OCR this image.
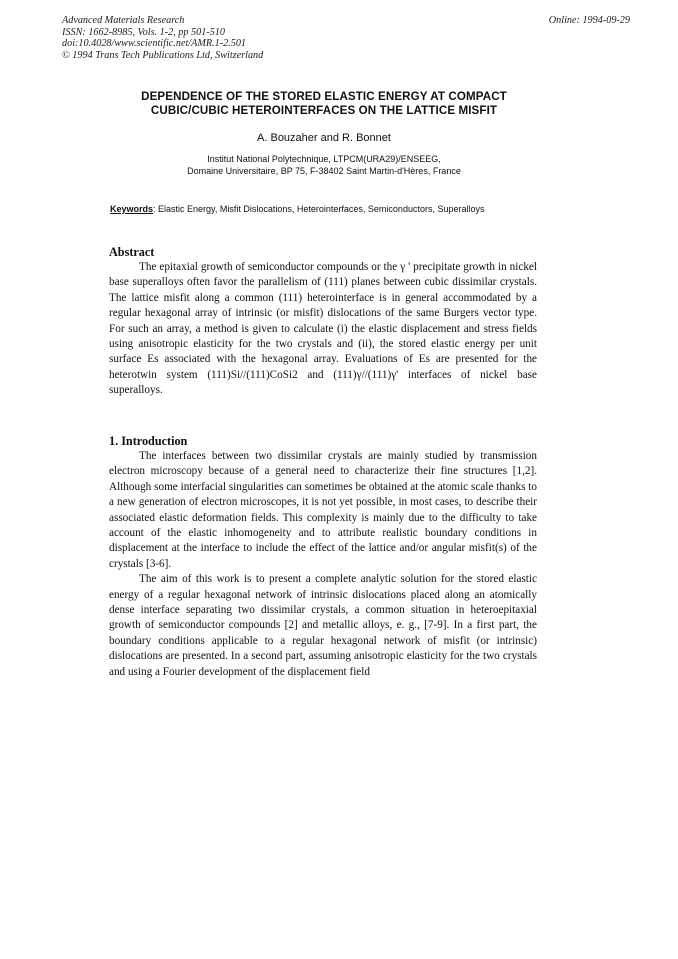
Advanced Materials Research
ISSN: 1662-8985, Vols. 1-2, pp 501-510
doi:10.4028/www.scientific.net/AMR.1-2.501
© 1994 Trans Tech Publications Ltd, Switzerland
Online: 1994-09-29
DEPENDENCE OF THE STORED ELASTIC ENERGY AT COMPACT
CUBIC/CUBIC HETEROINTERFACES ON THE LATTICE MISFIT
A. Bouzaher and R. Bonnet
Institut National Polytechnique, LTPCM(URA29)/ENSEEG,
Domaine Universitaire, BP 75, F-38402 Saint Martin-d'Hères, France
Keywords: Elastic Energy, Misfit Dislocations, Heterointerfaces, Semiconductors, Superalloys
Abstract
The epitaxial growth of semiconductor compounds or the γ ' precipitate growth in nickel base superalloys often favor the parallelism of (111) planes between cubic dissimilar crystals. The lattice misfit along a common (111) heterointerface is in general accommodated by a regular hexagonal array of intrinsic (or misfit) dislocations of the same Burgers vector type. For such an array, a method is given to calculate (i) the elastic displacement and stress fields using anisotropic elasticity for the two crystals and (ii), the stored elastic energy per unit surface Es associated with the hexagonal array. Evaluations of Es are presented for the heterotwin system (111)Si//(111)CoSi2 and (111)γ//(111)γ' interfaces of nickel base superalloys.
1. Introduction
The interfaces between two dissimilar crystals are mainly studied by transmission electron microscopy because of a general need to characterize their fine structures [1,2]. Although some interfacial singularities can sometimes be obtained at the atomic scale thanks to a new generation of electron microscopes, it is not yet possible, in most cases, to describe their associated elastic deformation fields. This complexity is mainly due to the difficulty to take account of the elastic inhomogeneity and to attribute realistic boundary conditions in displacement at the interface to include the effect of the lattice and/or angular misfit(s) of the crystals [3-6].
The aim of this work is to present a complete analytic solution for the stored elastic energy of a regular hexagonal network of intrinsic dislocations placed along an atomically dense interface separating two dissimilar crystals, a common situation in heteroepitaxial growth of semiconductor compounds [2] and metallic alloys, e. g., [7-9]. In a first part, the boundary conditions applicable to a regular hexagonal network of misfit (or intrinsic) dislocations are presented. In a second part, assuming anisotropic elasticity for the two crystals and using a Fourier development of the displacement field
